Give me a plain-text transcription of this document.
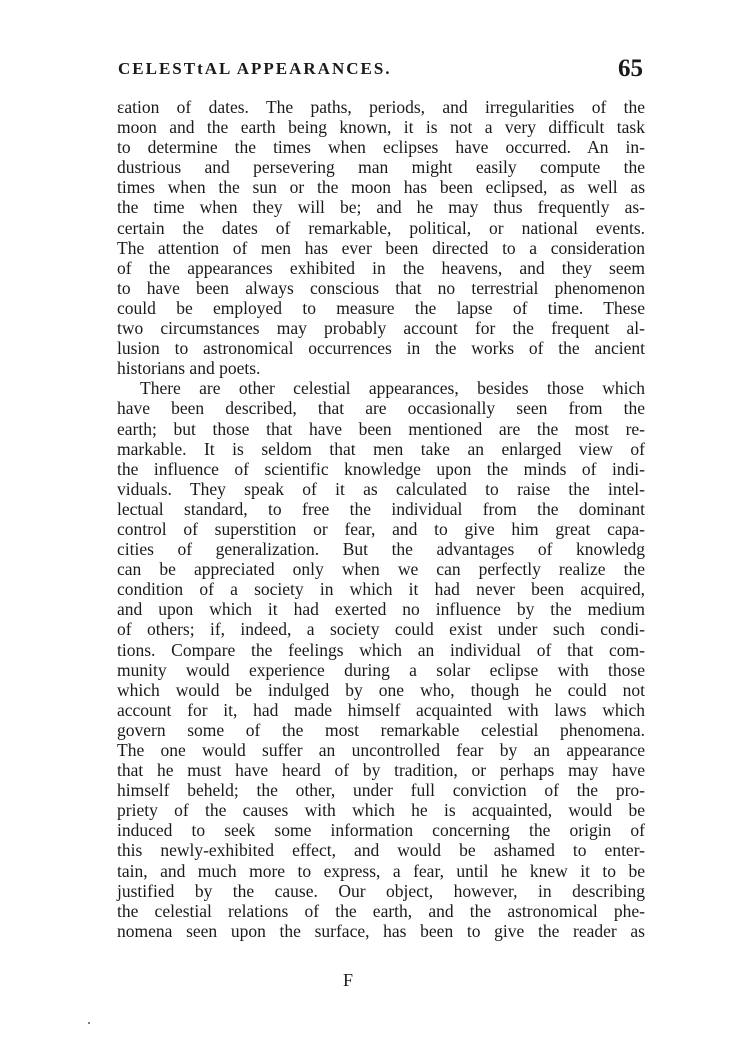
CELESTtAL APPEARANCES.	65
ɛation of dates. The paths, periods, and irregularities of the
moon and the earth being known, it is not a very difficult task
to determine the times when eclipses have occurred. An in-
dustrious and persevering man might easily compute the
times when the sun or the moon has been eclipsed, as well as
the time when they will be; and he may thus frequently as-
certain the dates of remarkable, political, or national events.
The attention of men has ever been directed to a consideration
of the appearances exhibited in the heavens, and they seem
to have been always conscious that no terrestrial phenomenon
could be employed to measure the lapse of time. These
two circumstances may probably account for the frequent al-
lusion to astronomical occurrences in the works of the ancient
historians and poets.
There are other celestial appearances, besides those which
have been described, that are occasionally seen from the
earth; but those that have been mentioned are the most re-
markable. It is seldom that men take an enlarged view of
the influence of scientific knowledge upon the minds of indi-
viduals. They speak of it as calculated to raise the intel-
lectual standard, to free the individual from the dominant
control of superstition or fear, and to give him great capa-
cities of generalization. But the advantages of knowledg
can be appreciated only when we can perfectly realize the
condition of a society in which it had never been acquired,
and upon which it had exerted no influence by the medium
of others; if, indeed, a society could exist under such condi-
tions. Compare the feelings which an individual of that com-
munity would experience during a solar eclipse with those
which would be indulged by one who, though he could not
account for it, had made himself acquainted with laws which
govern some of the most remarkable celestial phenomena.
The one would suffer an uncontrolled fear by an appearance
that he must have heard of by tradition, or perhaps may have
himself beheld; the other, under full conviction of the pro-
priety of the causes with which he is acquainted, would be
induced to seek some information concerning the origin of
this newly-exhibited effect, and would be ashamed to enter-
tain, and much more to express, a fear, until he knew it to be
justified by the cause. Our object, however, in describing
the celestial relations of the earth, and the astronomical phe-
nomena seen upon the surface, has been to give the reader as
F
